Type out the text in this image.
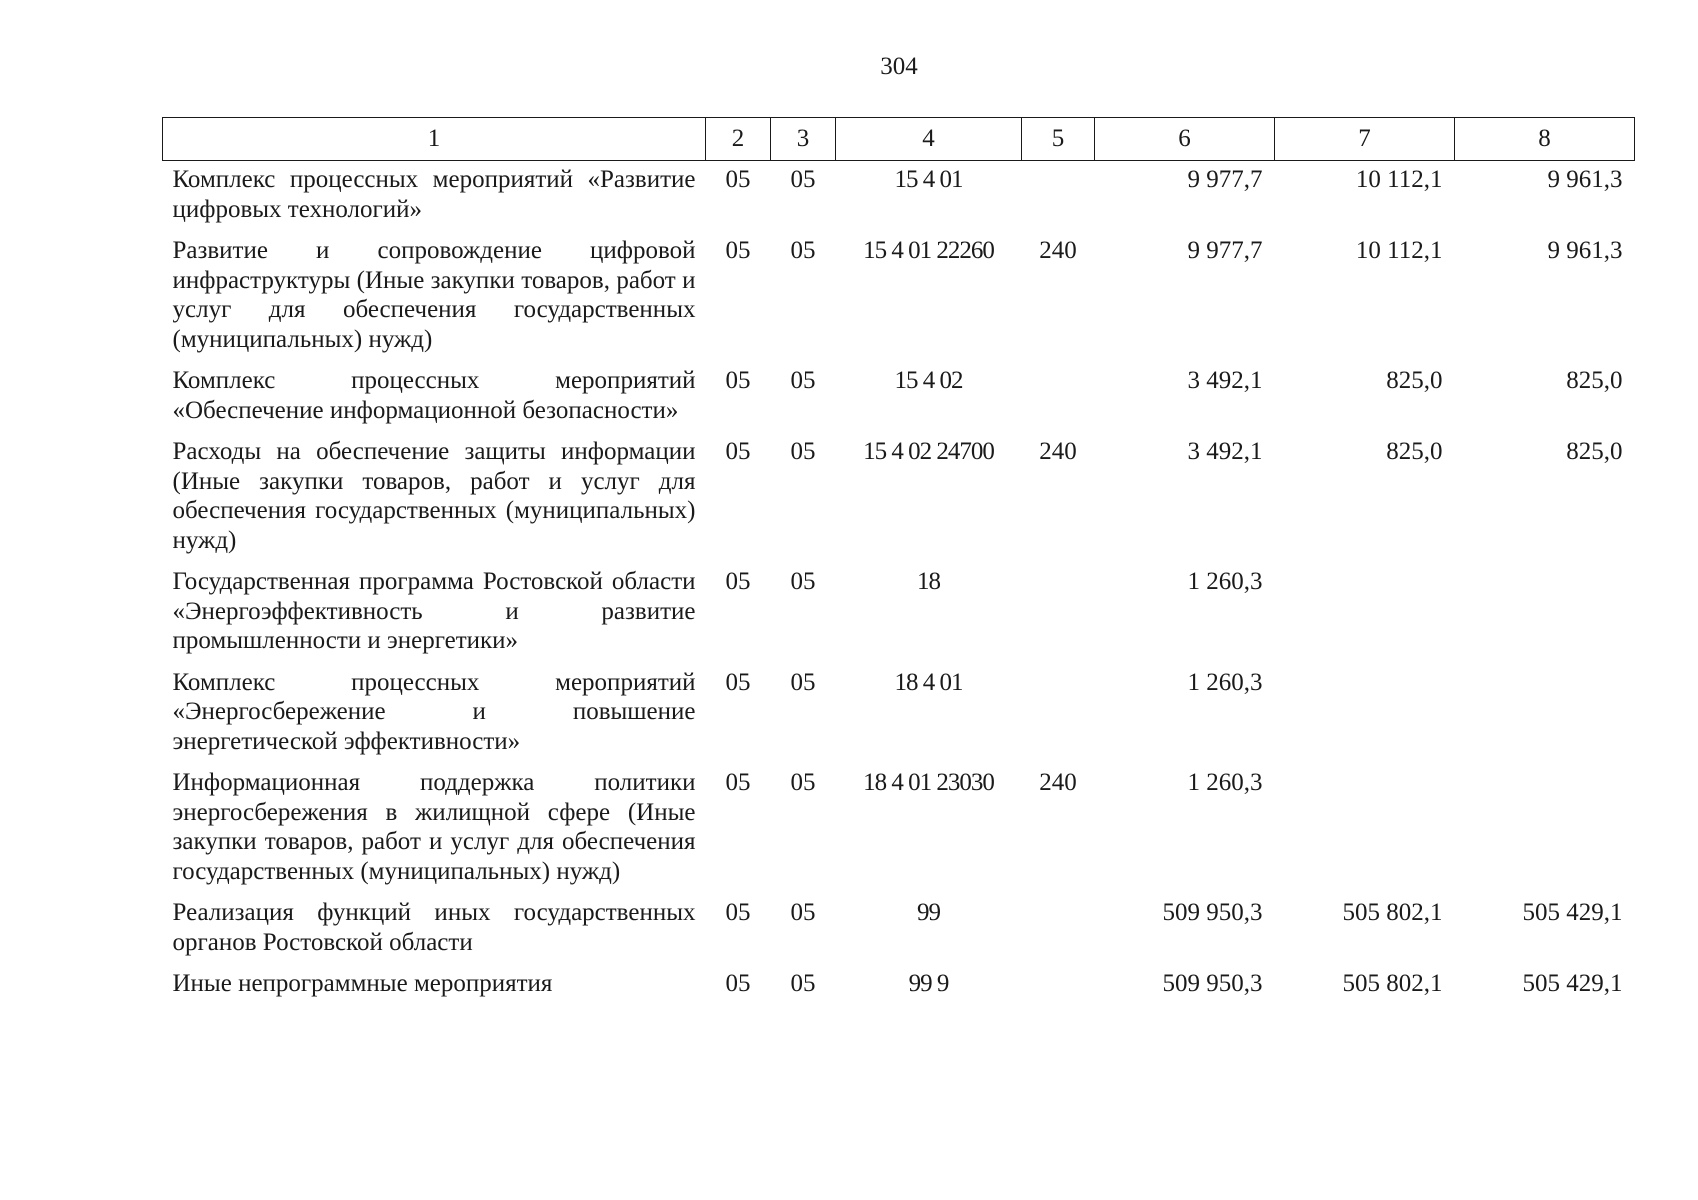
304
1	2	3	4	5	6	7	8
Комплекс процессных мероприятий «Развитие цифровых технологий»	05	05	15 4 01		9 977,7	10 112,1	9 961,3
Развитие и сопровождение цифровой инфраструктуры (Иные закупки товаров, работ и услуг для обеспечения государственных (муниципальных) нужд)	05	05	15 4 01 22260	240	9 977,7	10 112,1	9 961,3
Комплекс процессных мероприятий «Обеспечение информационной безопасности»	05	05	15 4 02		3 492,1	825,0	825,0
Расходы на обеспечение защиты информации (Иные закупки товаров, работ и услуг для обеспечения государственных (муниципальных) нужд)	05	05	15 4 02 24700	240	3 492,1	825,0	825,0
Государственная программа Ростовской области «Энергоэффективность и развитие промышленности и энергетики»	05	05	18		1 260,3		
Комплекс процессных мероприятий «Энергосбережение и повышение энергетической эффективности»	05	05	18 4 01		1 260,3		
Информационная поддержка политики энергосбережения в жилищной сфере (Иные закупки товаров, работ и услуг для обеспечения государственных (муниципальных) нужд)	05	05	18 4 01 23030	240	1 260,3		
Реализация функций иных государственных органов Ростовской области	05	05	99		509 950,3	505 802,1	505 429,1
Иные непрограммные мероприятия	05	05	99 9		509 950,3	505 802,1	505 429,1
